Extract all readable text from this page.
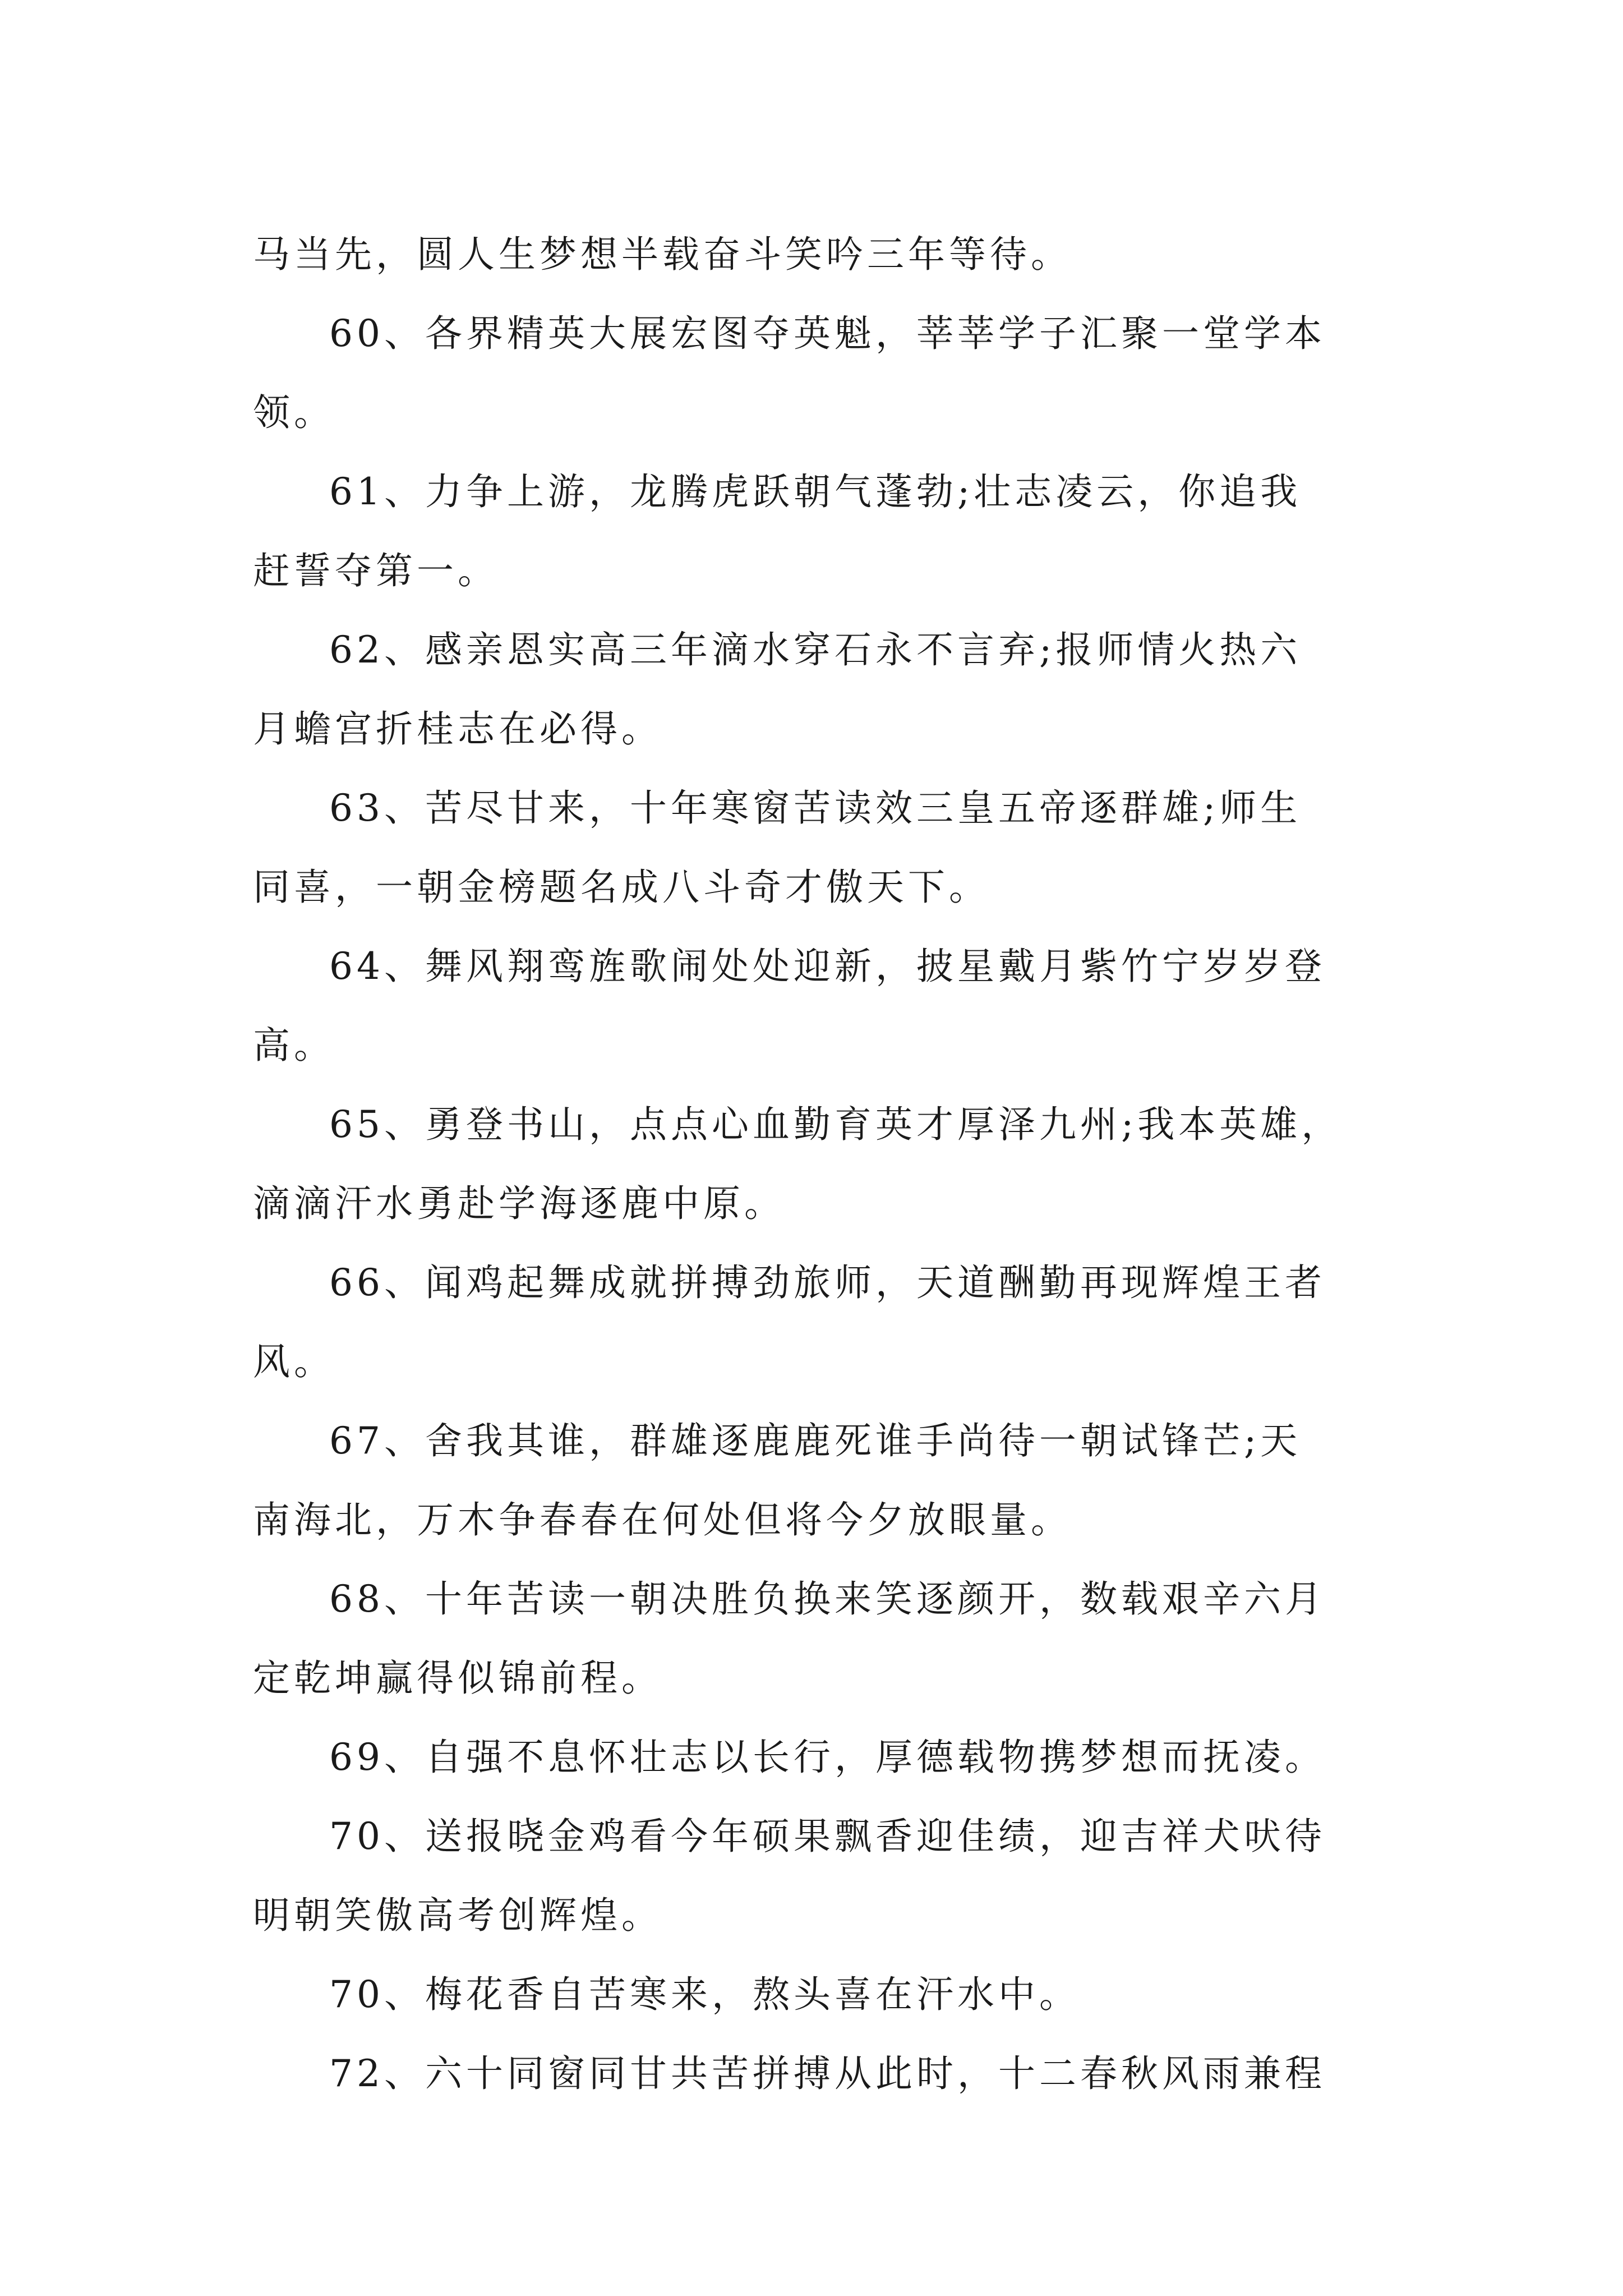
马当先，圆人生梦想半载奋斗笑吟三年等待。
60、各界精英大展宏图夺英魁，莘莘学子汇聚一堂学本
领。
61、力争上游，龙腾虎跃朝气蓬勃;壮志凌云，你追我
赶誓夺第一。
62、感亲恩实高三年滴水穿石永不言弃;报师情火热六
月蟾宫折桂志在必得。
63、苦尽甘来，十年寒窗苦读效三皇五帝逐群雄;师生
同喜，一朝金榜题名成八斗奇才傲天下。
64、舞风翔鸾旌歌闹处处迎新，披星戴月紫竹宁岁岁登
高。
65、勇登书山，点点心血勤育英才厚泽九州;我本英雄，
滴滴汗水勇赴学海逐鹿中原。
66、闻鸡起舞成就拼搏劲旅师，天道酬勤再现辉煌王者
风。
67、舍我其谁，群雄逐鹿鹿死谁手尚待一朝试锋芒;天
南海北，万木争春春在何处但将今夕放眼量。
68、十年苦读一朝决胜负换来笑逐颜开，数载艰辛六月
定乾坤赢得似锦前程。
69、自强不息怀壮志以长行，厚德载物携梦想而抚凌。
70、送报晓金鸡看今年硕果飘香迎佳绩，迎吉祥犬吠待
明朝笑傲高考创辉煌。
70、梅花香自苦寒来，熬头喜在汗水中。
72、六十同窗同甘共苦拼搏从此时，十二春秋风雨兼程
